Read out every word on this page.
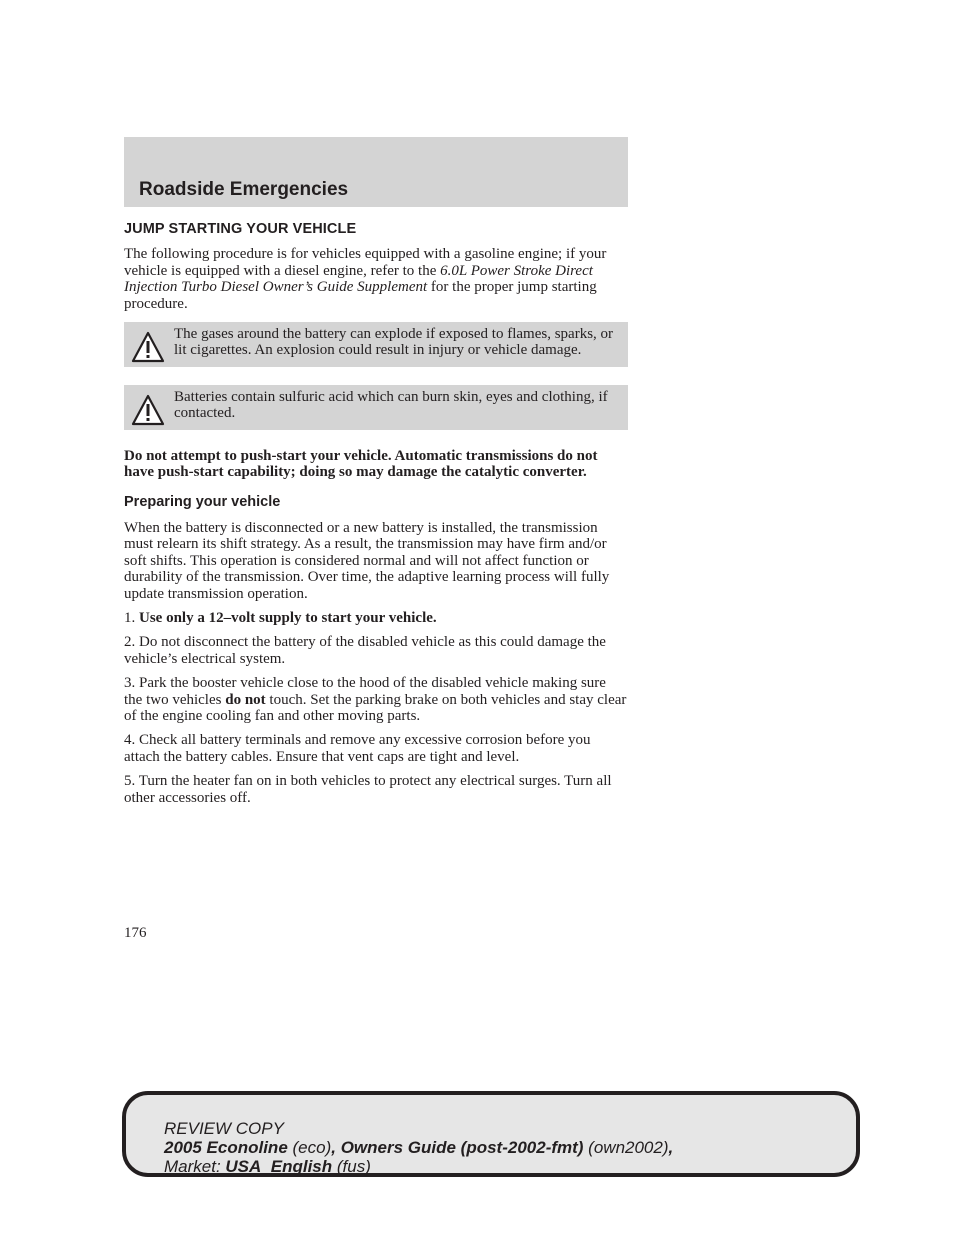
Roadside Emergencies
JUMP STARTING YOUR VEHICLE

The following procedure is for vehicles equipped with a gasoline engine; if your vehicle is equipped with a diesel engine, refer to the 6.0L Power Stroke Direct Injection Turbo Diesel Owner’s Guide Supplement for the proper jump starting procedure.

The gases around the battery can explode if exposed to flames, sparks, or lit cigarettes. An explosion could result in injury or vehicle damage.
Batteries contain sulfuric acid which can burn skin, eyes and clothing, if contacted.

Do not attempt to push-start your vehicle. Automatic transmissions do not have push-start capability; doing so may damage the catalytic converter.

Preparing your vehicle

When the battery is disconnected or a new battery is installed, the transmission must relearn its shift strategy. As a result, the transmission may have firm and/or soft shifts. This operation is considered normal and will not affect function or durability of the transmission. Over time, the adaptive learning process will fully update transmission operation.

1. Use only a 12–volt supply to start your vehicle.

2. Do not disconnect the battery of the disabled vehicle as this could damage the vehicle’s electrical system.

3. Park the booster vehicle close to the hood of the disabled vehicle making sure the two vehicles do not touch. Set the parking brake on both vehicles and stay clear of the engine cooling fan and other moving parts.

4. Check all battery terminals and remove any excessive corrosion before you attach the battery cables. Ensure that vent caps are tight and level.

5. Turn the heater fan on in both vehicles to protect any electrical surges. Turn all other accessories off.

176
REVIEW COPY
2005 Econoline (eco), Owners Guide (post-2002-fmt) (own2002),
Market: USA_English (fus)
